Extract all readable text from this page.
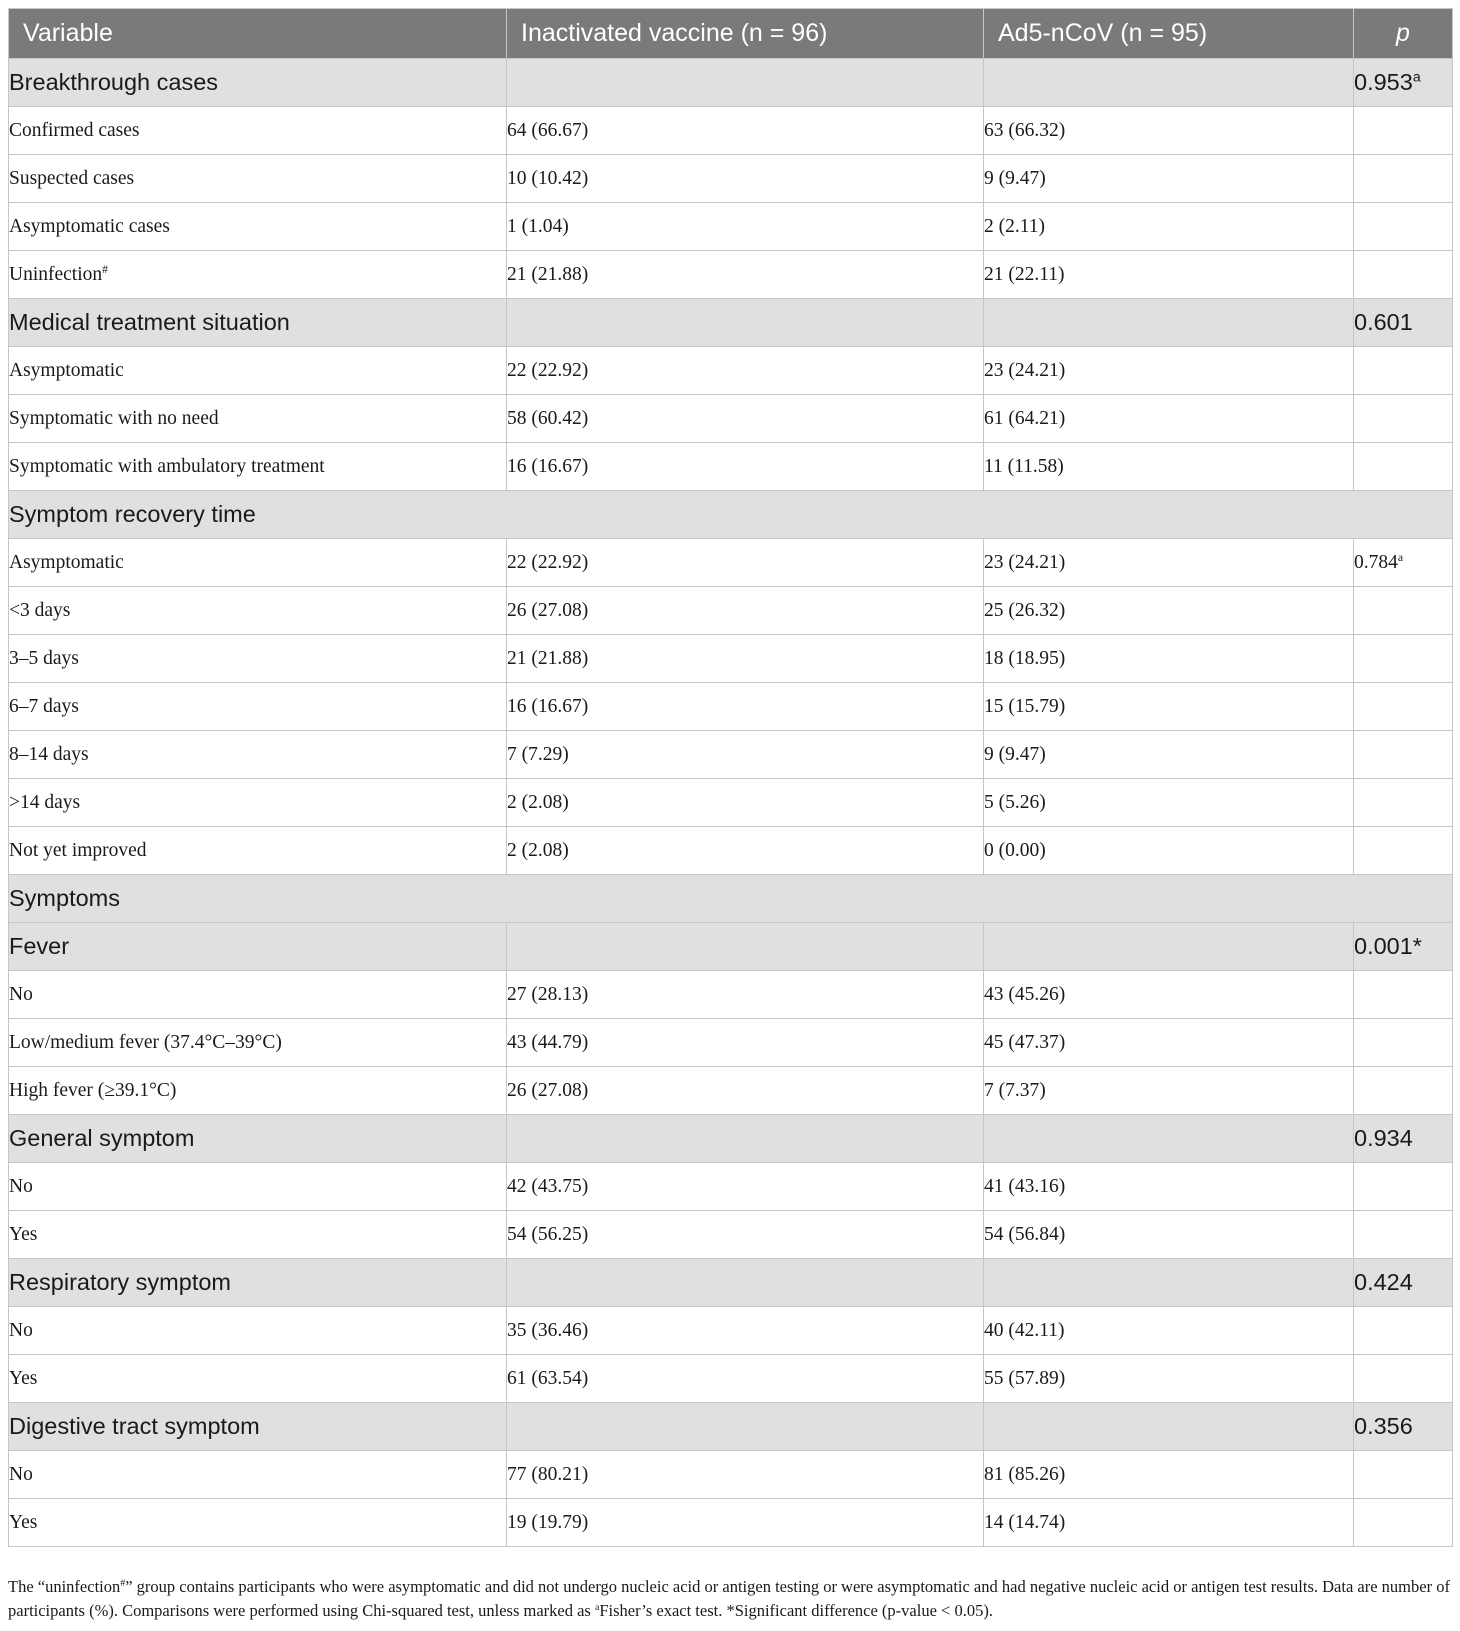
Variable	Inactivated vaccine (n = 96)	Ad5-nCoV (n = 95)	p
Breakthrough cases			0.953$^a$
Confirmed cases	64 (66.67)	63 (66.32)	
Suspected cases	10 (10.42)	9 (9.47)	
Asymptomatic cases	1 (1.04)	2 (2.11)	
Uninfection#	21 (21.88)	21 (22.11)	
Medical treatment situation			0.601
Asymptomatic	22 (22.92)	23 (24.21)	
Symptomatic with no need	58 (60.42)	61 (64.21)	
Symptomatic with ambulatory treatment	16 (16.67)	11 (11.58)	
Symptom recovery time			
Asymptomatic	22 (22.92)	23 (24.21)	0.784$^a$
<3 days	26 (27.08)	25 (26.32)	
3–5 days	21 (21.88)	18 (18.95)	
6–7 days	16 (16.67)	15 (15.79)	
8–14 days	7 (7.29)	9 (9.47)	
>14 days	2 (2.08)	5 (5.26)	
Not yet improved	2 (2.08)	0 (0.00)	
Symptoms			
Fever			0.001*
No	27 (28.13)	43 (45.26)	
Low/medium fever (37.4°C–39°C)	43 (44.79)	45 (47.37)	
High fever (≥39.1°C)	26 (27.08)	7 (7.37)	
General symptom			0.934
No	42 (43.75)	41 (43.16)	
Yes	54 (56.25)	54 (56.84)	
Respiratory symptom			0.424
No	35 (36.46)	40 (42.11)	
Yes	61 (63.54)	55 (57.89)	
Digestive tract symptom			0.356
No	77 (80.21)	81 (85.26)	
Yes	19 (19.79)	14 (14.74)	
The “uninfection#” group contains participants who were asymptomatic and did not undergo nucleic acid or antigen testing or were asymptomatic and had negative nucleic acid or antigen test results. Data are number of participants (%). Comparisons were performed using Chi-squared test, unless marked as $^a$Fisher’s exact test. *Significant difference (p-value < 0.05).
